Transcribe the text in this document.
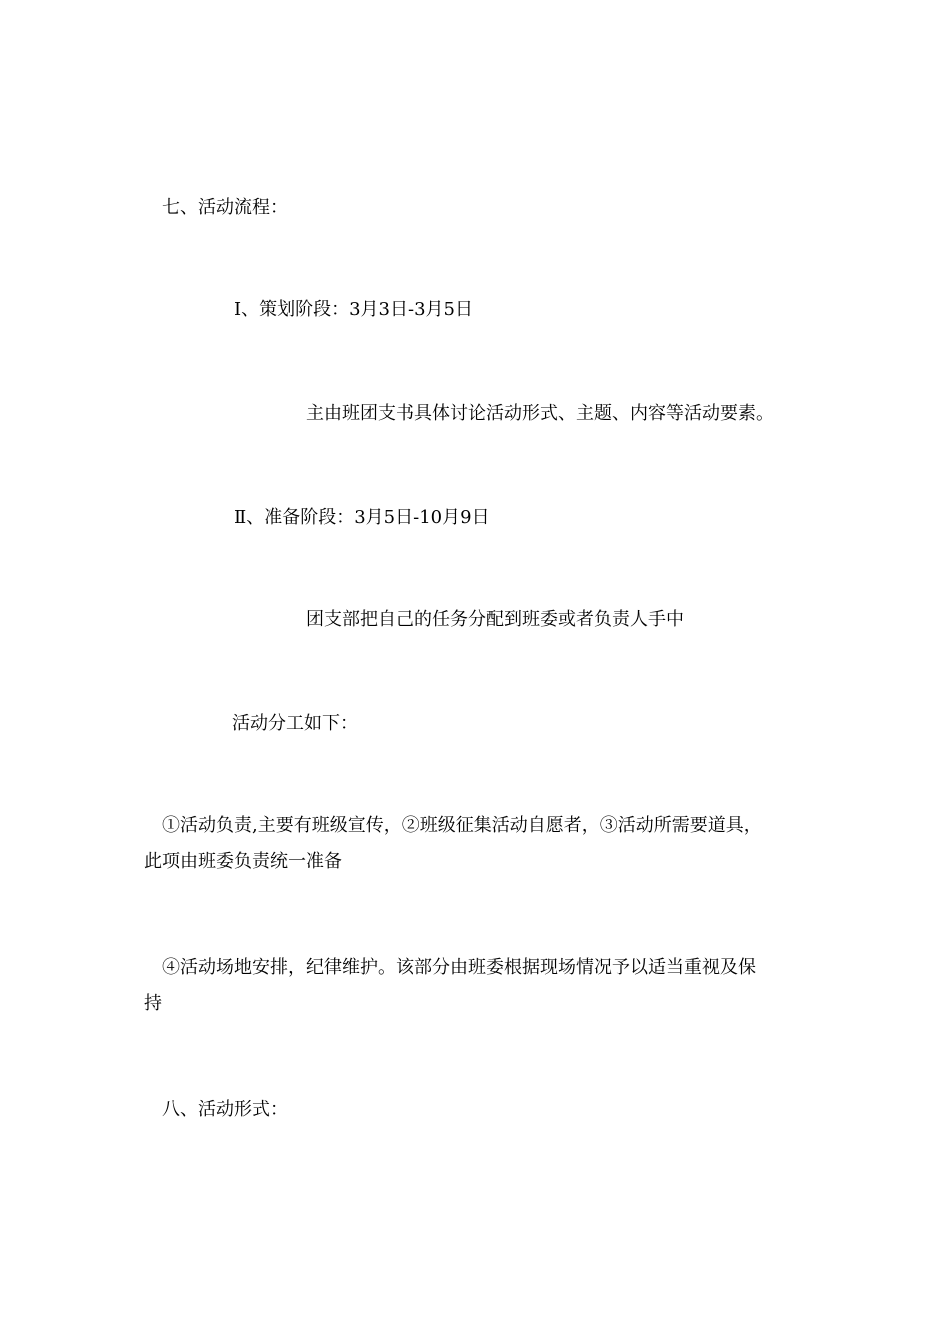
七、活动流程：
Ⅰ、策划阶段：3月3日-3月5日
主由班团支书具体讨论活动形式、主题、内容等活动要素。
Ⅱ、准备阶段：3月5日-10月9日
团支部把自己的任务分配到班委或者负责人手中
活动分工如下：
①活动负责,主要有班级宣传，②班级征集活动自愿者，③活动所需要道具，
此项由班委负责统一准备
④活动场地安排，纪律维护。该部分由班委根据现场情况予以适当重视及保
持
八、活动形式：
